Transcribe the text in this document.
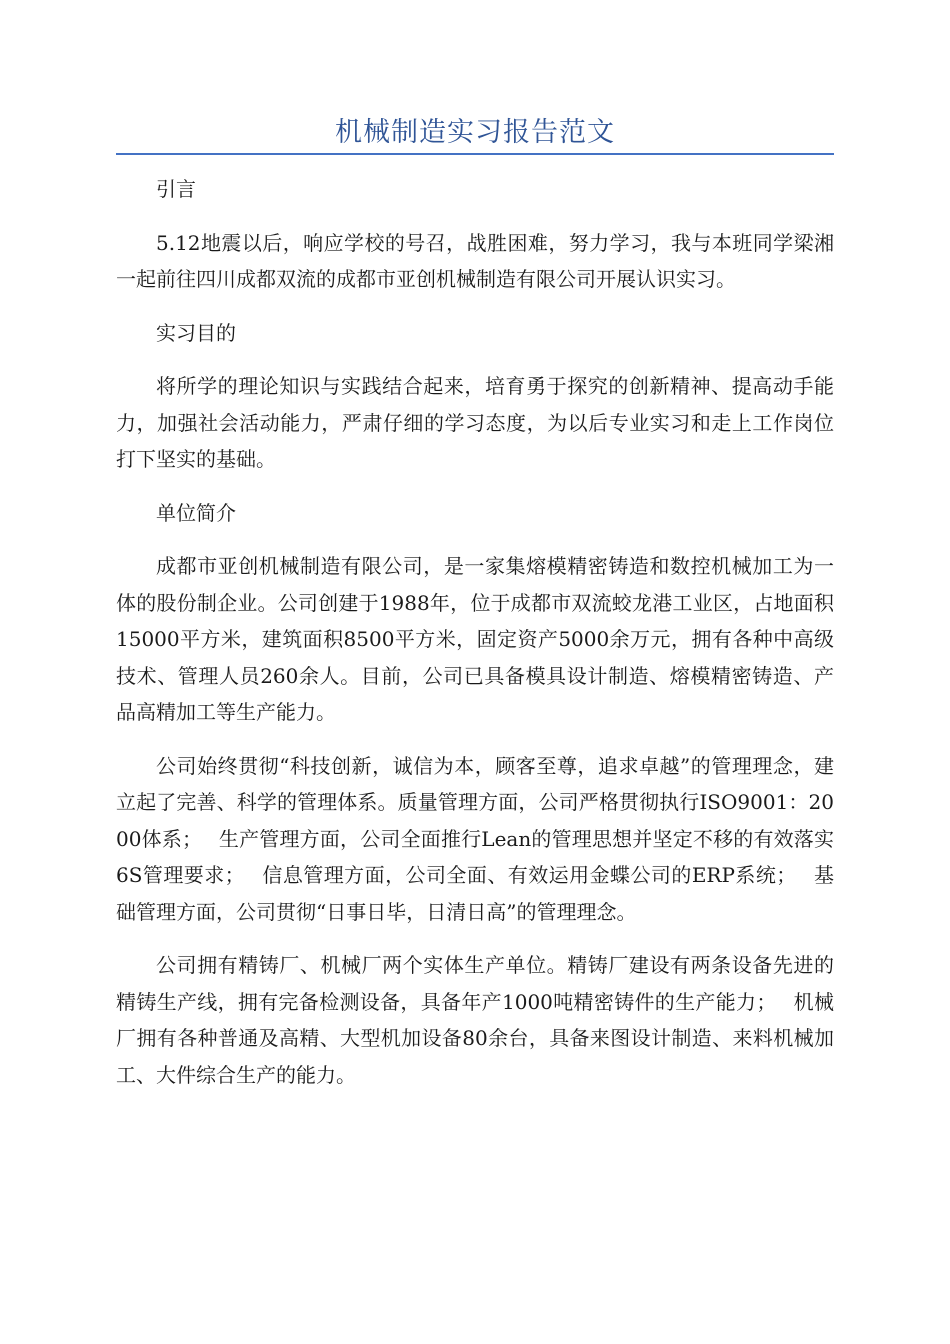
机械制造实习报告范文

引言

5.12地震以后，响应学校的号召，战胜困难，努力学习，我与本班同学梁湘一起前往四川成都双流的成都市亚创机械制造有限公司开展认识实习。

实习目的

将所学的理论知识与实践结合起来，培育勇于探究的创新精神、提高动手能力，加强社会活动能力，严肃仔细的学习态度，为以后专业实习和走上工作岗位打下坚实的基础。

单位简介

成都市亚创机械制造有限公司，是一家集熔模精密铸造和数控机械加工为一体的股份制企业。公司创建于1988年，位于成都市双流蛟龙港工业区，占地面积15000平方米，建筑面积8500平方米，固定资产5000余万元，拥有各种中高级技术、管理人员260余人。目前，公司已具备模具设计制造、熔模精密铸造、产品高精加工等生产能力。

公司始终贯彻“科技创新，诚信为本，顾客至尊，追求卓越”的管理理念，建立起了完善、科学的管理体系。质量管理方面，公司严格贯彻执行ISO9001：2000体系；　 生产管理方面，公司全面推行Lean的管理思想并坚定不移的有效落实6S管理要求；　 信息管理方面，公司全面、有效运用金蝶公司的ERP系统；　 基础管理方面，公司贯彻“日事日毕，日清日高”的管理理念。

公司拥有精铸厂、机械厂两个实体生产单位。精铸厂建设有两条设备先进的精铸生产线，拥有完备检测设备，具备年产1000吨精密铸件的生产能力；　 机械厂拥有各种普通及高精、大型机加设备80余台，具备来图设计制造、来料机械加工、大件综合生产的能力。
